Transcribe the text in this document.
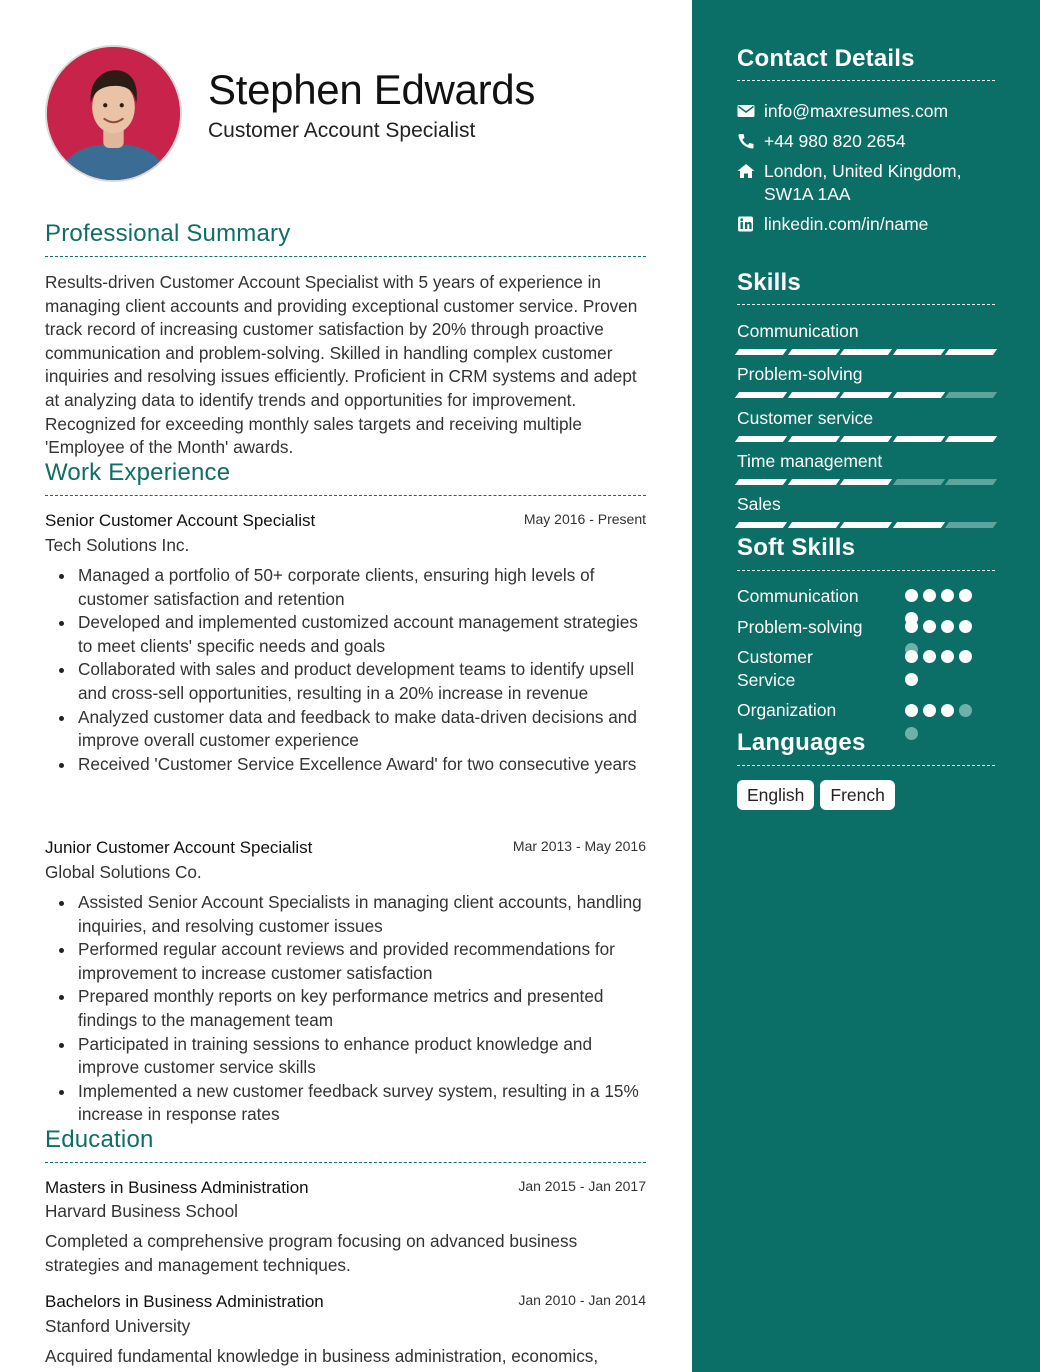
Stephen Edwards
Customer Account Specialist
Professional Summary
Results-driven Customer Account Specialist with 5 years of experience in managing client accounts and providing exceptional customer service. Proven track record of increasing customer satisfaction by 20% through proactive communication and problem-solving. Skilled in handling complex customer inquiries and resolving issues efficiently. Proficient in CRM systems and adept at analyzing data to identify trends and opportunities for improvement. Recognized for exceeding monthly sales targets and receiving multiple 'Employee of the Month' awards.
Work Experience
Senior Customer Account Specialist	May 2016 - Present
Tech Solutions Inc.
Managed a portfolio of 50+ corporate clients, ensuring high levels of customer satisfaction and retention
Developed and implemented customized account management strategies to meet clients' specific needs and goals
Collaborated with sales and product development teams to identify upsell and cross-sell opportunities, resulting in a 20% increase in revenue
Analyzed customer data and feedback to make data-driven decisions and improve overall customer experience
Received 'Customer Service Excellence Award' for two consecutive years
Junior Customer Account Specialist	Mar 2013 - May 2016
Global Solutions Co.
Assisted Senior Account Specialists in managing client accounts, handling inquiries, and resolving customer issues
Performed regular account reviews and provided recommendations for improvement to increase customer satisfaction
Prepared monthly reports on key performance metrics and presented findings to the management team
Participated in training sessions to enhance product knowledge and improve customer service skills
Implemented a new customer feedback survey system, resulting in a 15% increase in response rates
Education
Masters in Business Administration	Jan 2015 - Jan 2017
Harvard Business School
Completed a comprehensive program focusing on advanced business strategies and management techniques.
Bachelors in Business Administration	Jan 2010 - Jan 2014
Stanford University
Acquired fundamental knowledge in business administration, economics,
Contact Details
info@maxresumes.com
+44 980 820 2654
London, United Kingdom, SW1A 1AA
linkedin.com/in/name
Skills
Communication
Problem-solving
Customer service
Time management
Sales
Soft Skills
Communication
Problem-solving
Customer Service
Organization
Languages
English	French
